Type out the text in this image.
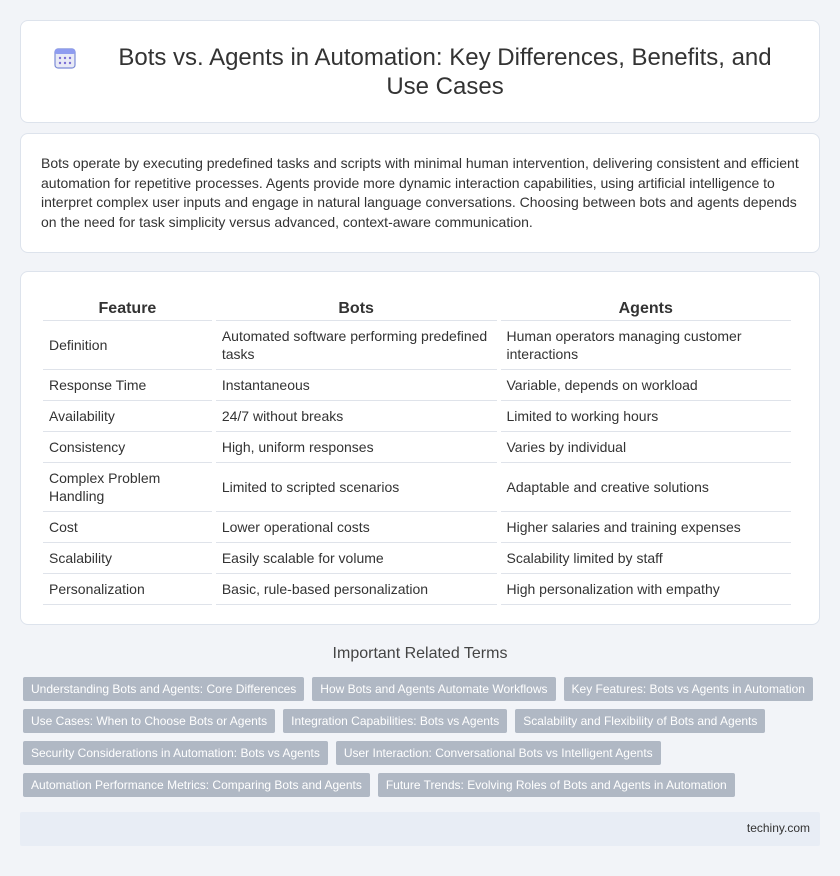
Bots vs. Agents in Automation: Key Differences, Benefits, and Use Cases

Bots operate by executing predefined tasks and scripts with minimal human intervention, delivering consistent and efficient automation for repetitive processes. Agents provide more dynamic interaction capabilities, using artificial intelligence to interpret complex user inputs and engage in natural language conversations. Choosing between bots and agents depends on the need for task simplicity versus advanced, context-aware communication.

Feature	Bots	Agents
Definition	Automated software performing predefined tasks	Human operators managing customer interactions
Response Time	Instantaneous	Variable, depends on workload
Availability	24/7 without breaks	Limited to working hours
Consistency	High, uniform responses	Varies by individual
Complex Problem Handling	Limited to scripted scenarios	Adaptable and creative solutions
Cost	Lower operational costs	Higher salaries and training expenses
Scalability	Easily scalable for volume	Scalability limited by staff
Personalization	Basic, rule-based personalization	High personalization with empathy
Important Related Terms
Understanding Bots and Agents: Core Differences	How Bots and Agents Automate Workflows	Key Features: Bots vs Agents in Automation
Use Cases: When to Choose Bots or Agents	Integration Capabilities: Bots vs Agents	Scalability and Flexibility of Bots and Agents
Security Considerations in Automation: Bots vs Agents	User Interaction: Conversational Bots vs Intelligent Agents
Automation Performance Metrics: Comparing Bots and Agents	Future Trends: Evolving Roles of Bots and Agents in Automation
techiny.com
